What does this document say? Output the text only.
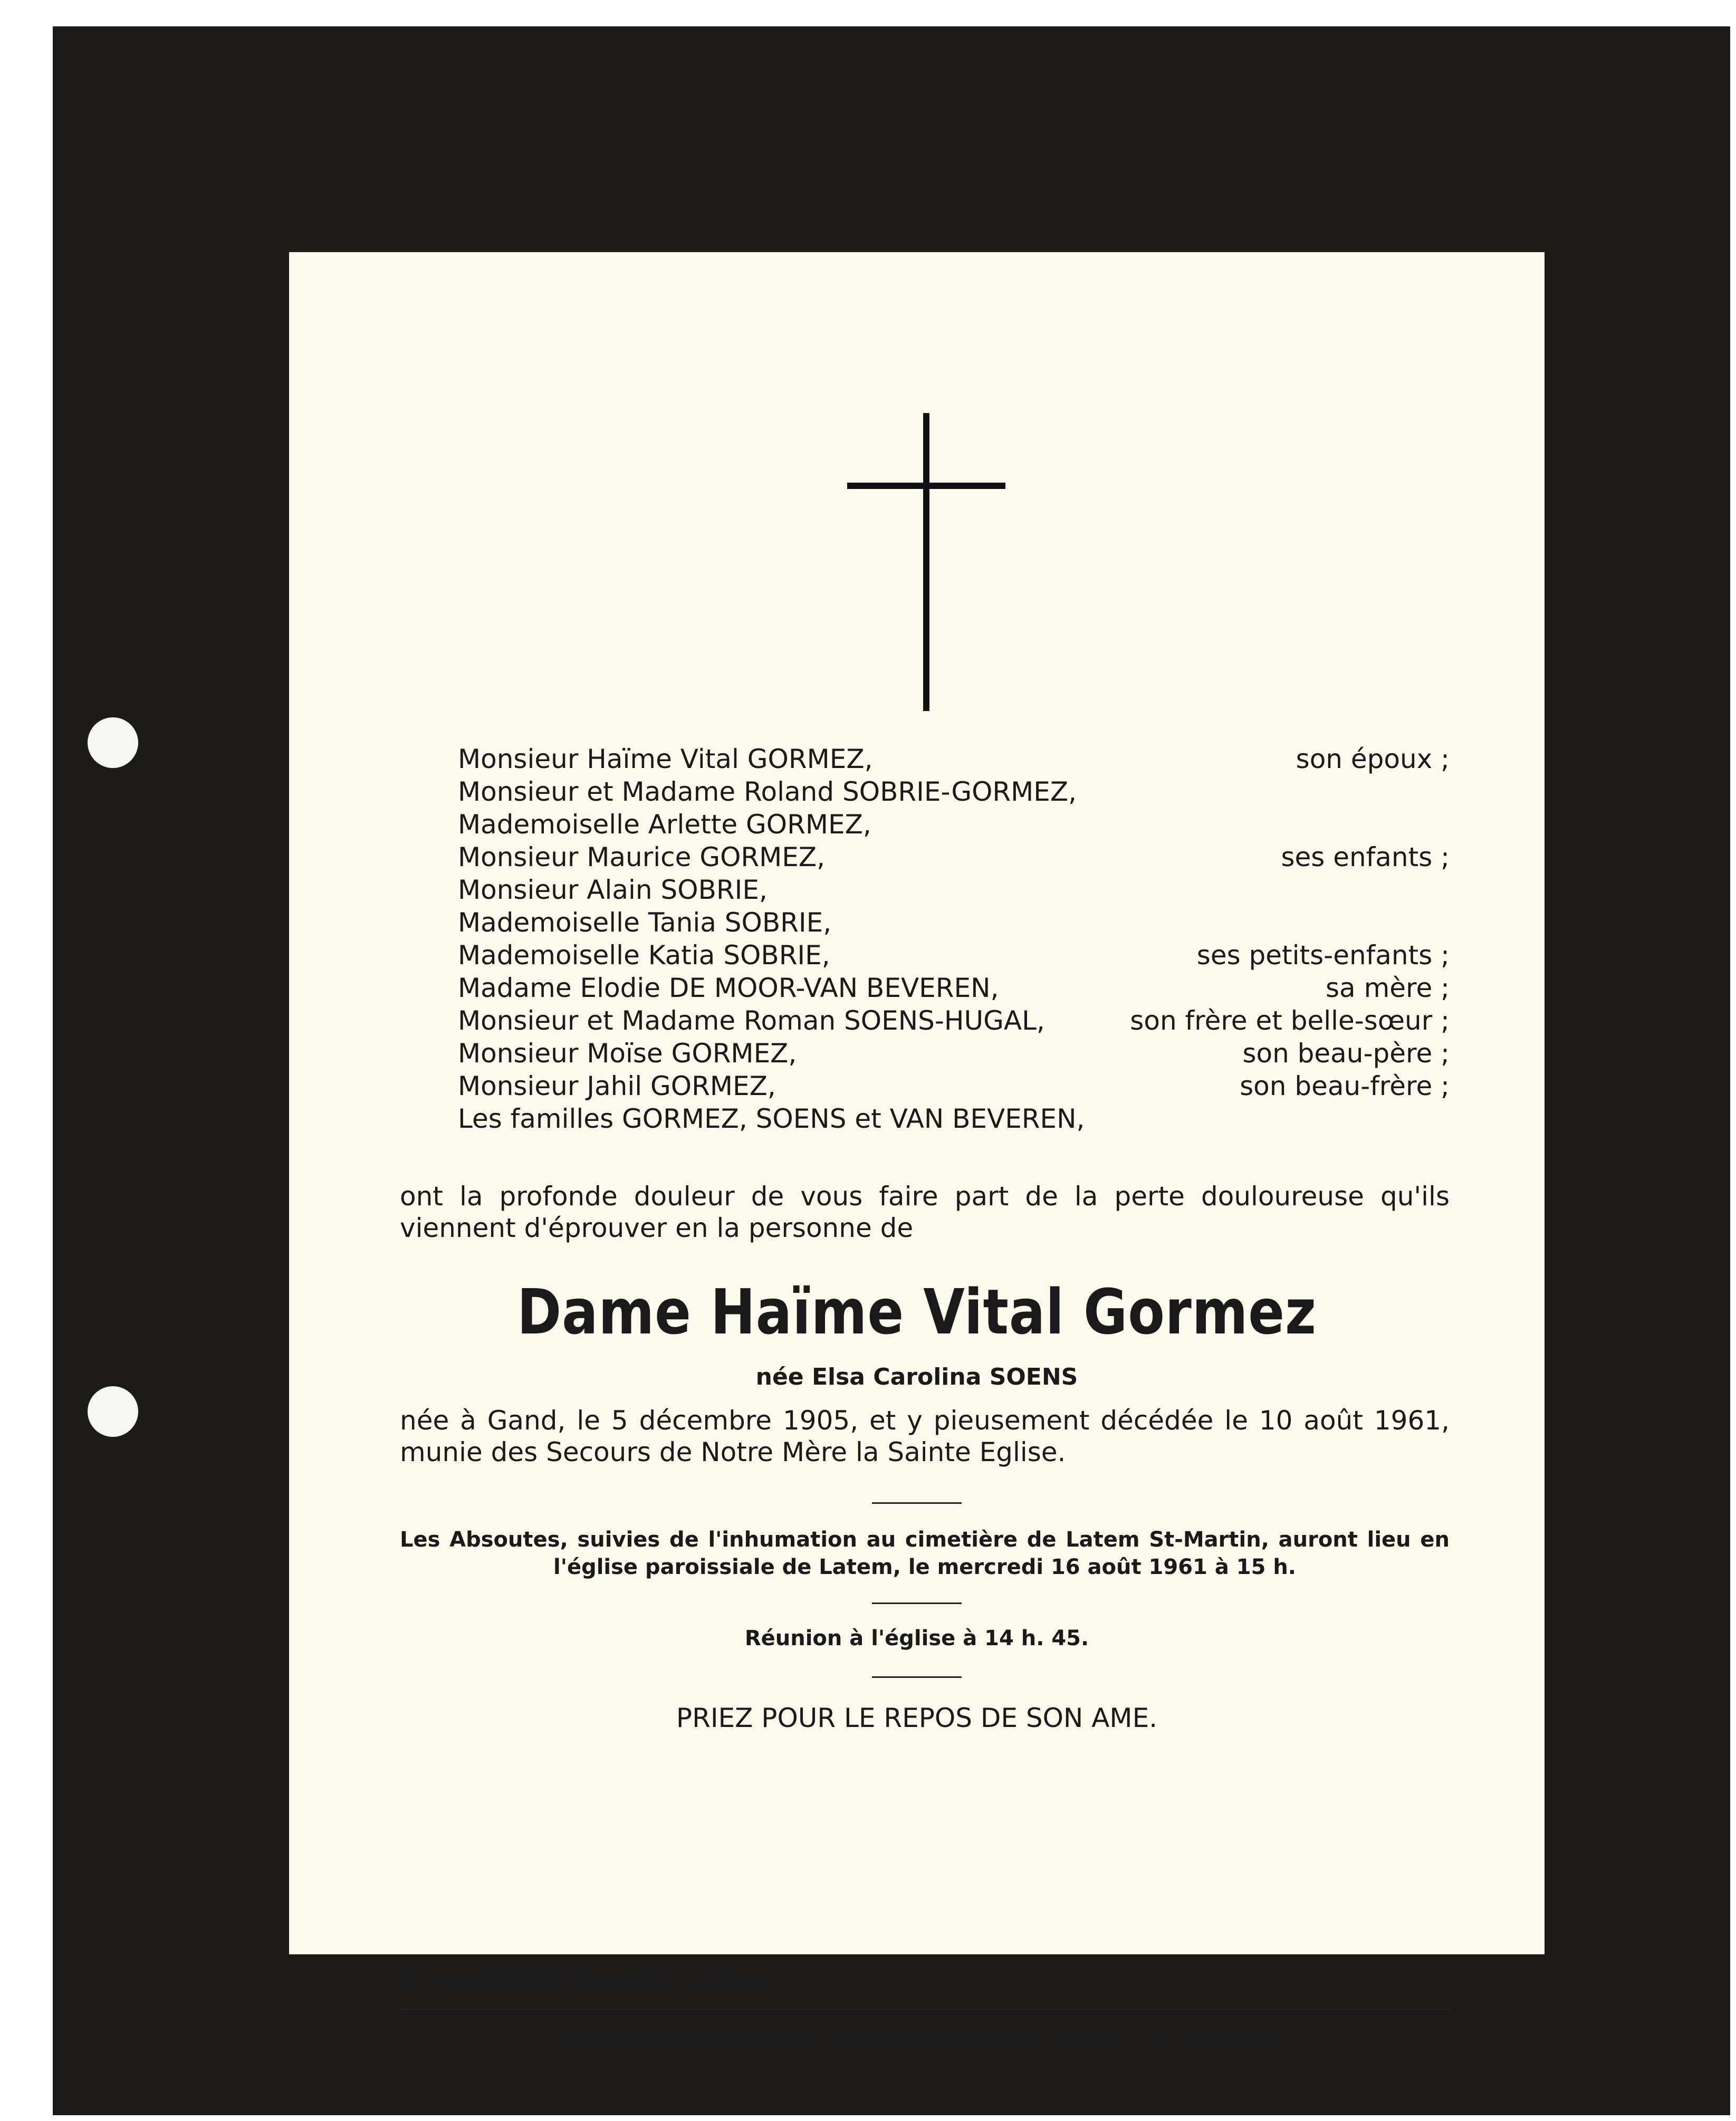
Monsieur Haïme Vital GORMEZ,	son époux ;
Monsieur et Madame Roland SOBRIE-GORMEZ,
Mademoiselle Arlette GORMEZ,
Monsieur Maurice GORMEZ,	ses enfants ;
Monsieur Alain SOBRIE,
Mademoiselle Tania SOBRIE,
Mademoiselle Katia SOBRIE,	ses petits-enfants ;
Madame Elodie DE MOOR-VAN BEVEREN,	sa mère ;
Monsieur et Madame Roman SOENS-HUGAL,	son frère et belle-sœur ;
Monsieur Moïse GORMEZ,	son beau-père ;
Monsieur Jahil GORMEZ,	son beau-frère ;
Les familles GORMEZ, SOENS et VAN BEVEREN,

ont la profonde douleur de vous faire part de la perte douloureuse qu'ils viennent d'éprouver en la personne de

Dame Haïme Vital Gormez
née Elsa Carolina SOENS

née à Gand, le 5 décembre 1905, et y pieusement décédée le 10 août 1961, munie des Secours de Notre Mère la Sainte Eglise.

Les Absoutes, suivies de l'inhumation au cimetière de Latem St-Martin, auront lieu en l'église paroissiale de Latem, le mercredi 16 août 1961 à 15 h.

Réunion à l'église à 14 h. 45.
PRIEZ POUR LE REPOS DE SON AME.
5, rue Guido Gezelle, Latem.
Pompes funèbres De Vos, 37-39-41, Haut-Port, Gand — Tél. 25.24.21
